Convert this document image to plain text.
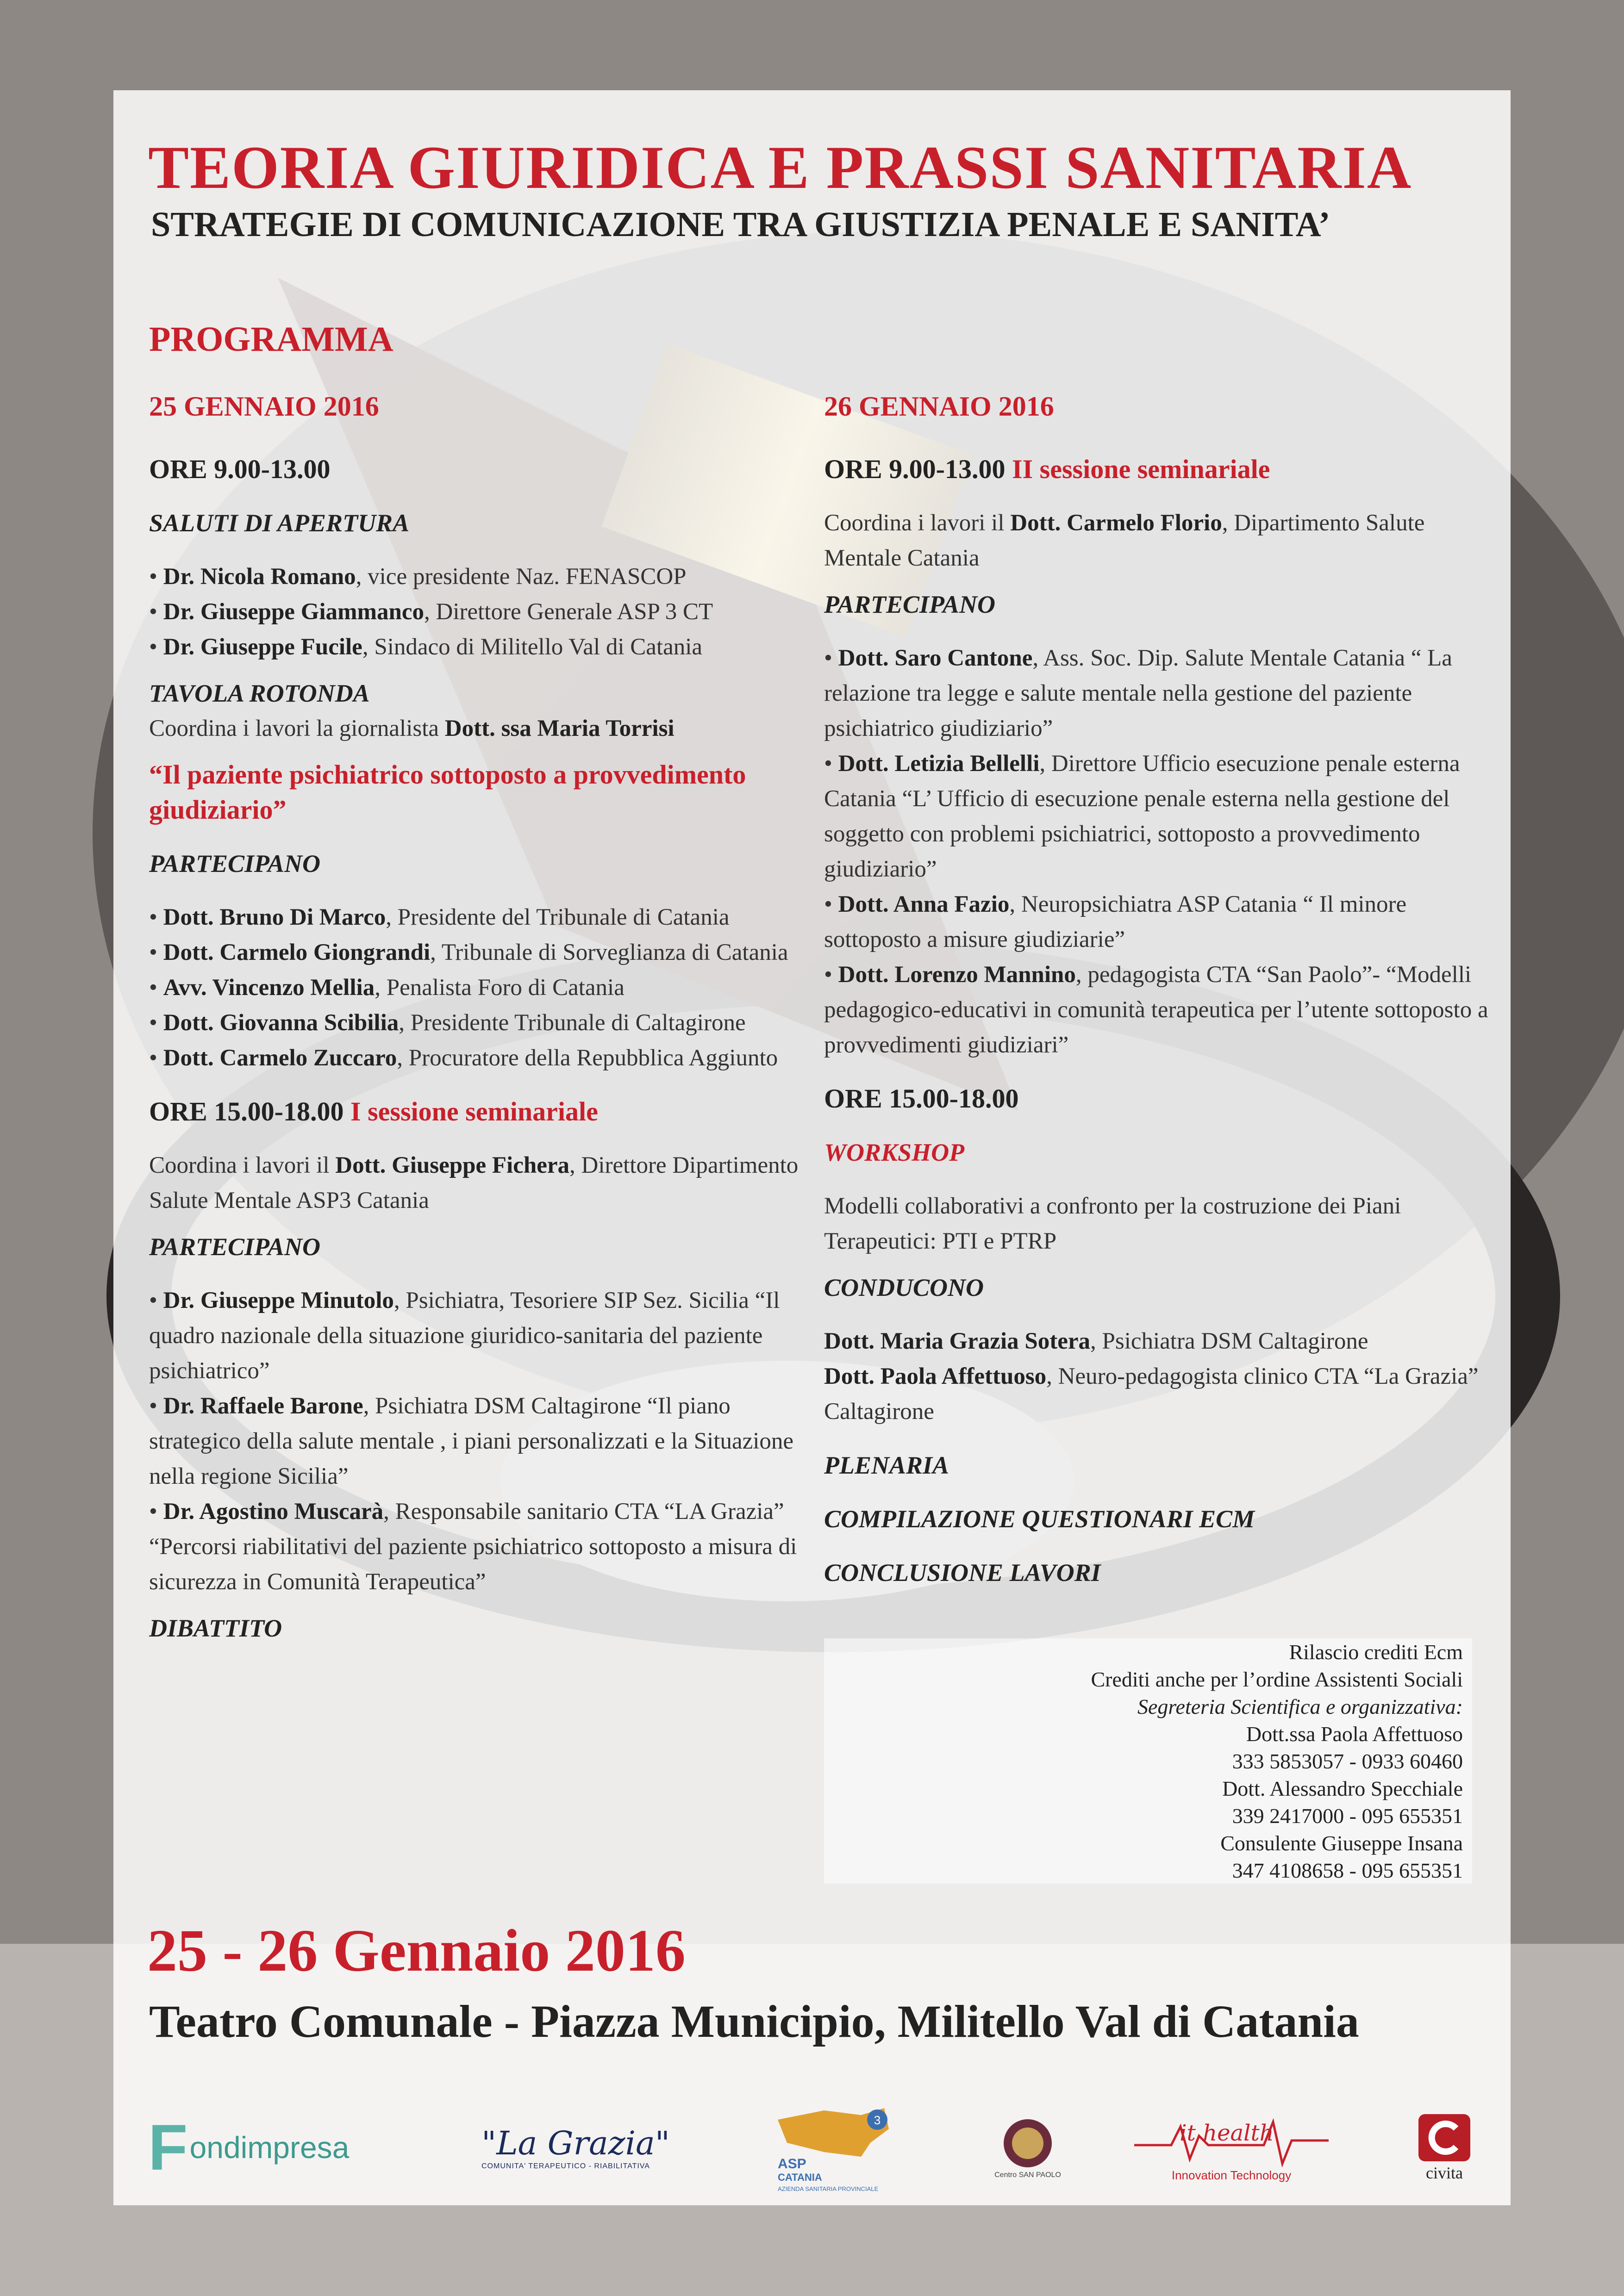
TEORIA GIURIDICA E PRASSI SANITARIA
STRATEGIE DI COMUNICAZIONE TRA GIUSTIZIA PENALE E SANITA’
PROGRAMMA

25 GENNAIO 2016

ORE 9.00-13.00

SALUTI DI APERTURA

• Dr. Nicola Romano, vice presidente Naz. FENASCOP

• Dr. Giuseppe Giammanco, Direttore Generale ASP 3 CT

• Dr. Giuseppe Fucile, Sindaco di Militello Val di Catania

TAVOLA ROTONDA

Coordina i lavori la giornalista Dott. ssa Maria Torrisi

“Il paziente psichiatrico sottoposto a provvedimento giudiziario”

PARTECIPANO

• Dott. Bruno Di Marco, Presidente del Tribunale di Catania

• Dott. Carmelo Giongrandi, Tribunale di Sorveglianza di Catania

• Avv. Vincenzo Mellia, Penalista Foro di Catania

• Dott. Giovanna Scibilia, Presidente Tribunale di Caltagirone

• Dott. Carmelo Zuccaro, Procuratore della Repubblica Aggiunto

ORE 15.00-18.00 I sessione seminariale

Coordina i lavori il Dott. Giuseppe Fichera, Direttore Dipartimento Salute Mentale ASP3 Catania

PARTECIPANO

• Dr. Giuseppe Minutolo, Psichiatra, Tesoriere SIP Sez. Sicilia “Il quadro nazionale della situazione giuridico-sanitaria del paziente psichiatrico”

• Dr. Raffaele Barone, Psichiatra DSM Caltagirone “Il piano strategico della salute mentale , i piani personalizzati e la Situazione nella regione Sicilia”

• Dr. Agostino Muscarà, Responsabile sanitario CTA “LA Grazia” “Percorsi riabilitativi del paziente psichiatrico sottoposto a misura di sicurezza in Comunità Terapeutica”

DIBATTITO

26 GENNAIO 2016

ORE 9.00-13.00 II sessione seminariale

Coordina i lavori il Dott. Carmelo Florio, Dipartimento Salute Mentale Catania

PARTECIPANO

• Dott. Saro Cantone, Ass. Soc. Dip. Salute Mentale Catania “ La relazione tra legge e salute mentale nella gestione del paziente psichiatrico giudiziario”

• Dott. Letizia Bellelli, Direttore Ufficio esecuzione penale esterna Catania “L’ Ufficio di esecuzione penale esterna nella gestione del soggetto con problemi psichiatrici, sottoposto a provvedimento giudiziario”

• Dott. Anna Fazio, Neuropsichiatra ASP Catania “ Il minore sottoposto a misure giudiziarie”

• Dott. Lorenzo Mannino, pedagogista CTA “San Paolo”- “Modelli pedagogico-educativi in comunità terapeutica per l’utente sottoposto a provvedimenti giudiziari”

ORE 15.00-18.00

WORKSHOP

Modelli collaborativi a confronto per la costruzione dei Piani Terapeutici: PTI e PTRP

CONDUCONO

Dott. Maria Grazia Sotera, Psichiatra DSM Caltagirone

Dott. Paola Affettuoso, Neuro-pedagogista clinico CTA “La Grazia” Caltagirone

PLENARIA

COMPILAZIONE QUESTIONARI ECM

CONCLUSIONE LAVORI

Rilascio crediti Ecm

Crediti anche per l’ordine Assistenti Sociali

Segreteria Scientifica e organizzativa:

Dott.ssa Paola Affettuoso

333 5853057 - 0933 60460

Dott. Alessandro Specchiale

339 2417000 - 095 655351

Consulente Giuseppe Insana

347 4108658 - 095 655351

25 - 26 Gennaio 2016
Teatro Comunale - Piazza Municipio, Militello Val di Catania
F ondimpresa	"La Grazia"
COMUNITA' TERAPEUTICO - RIABILITATIVA
3
ASP
CATANIA
AZIENDA SANITARIA PROVINCIALE
Centro SAN PAOLO
it health
Innovation Technology	civita
